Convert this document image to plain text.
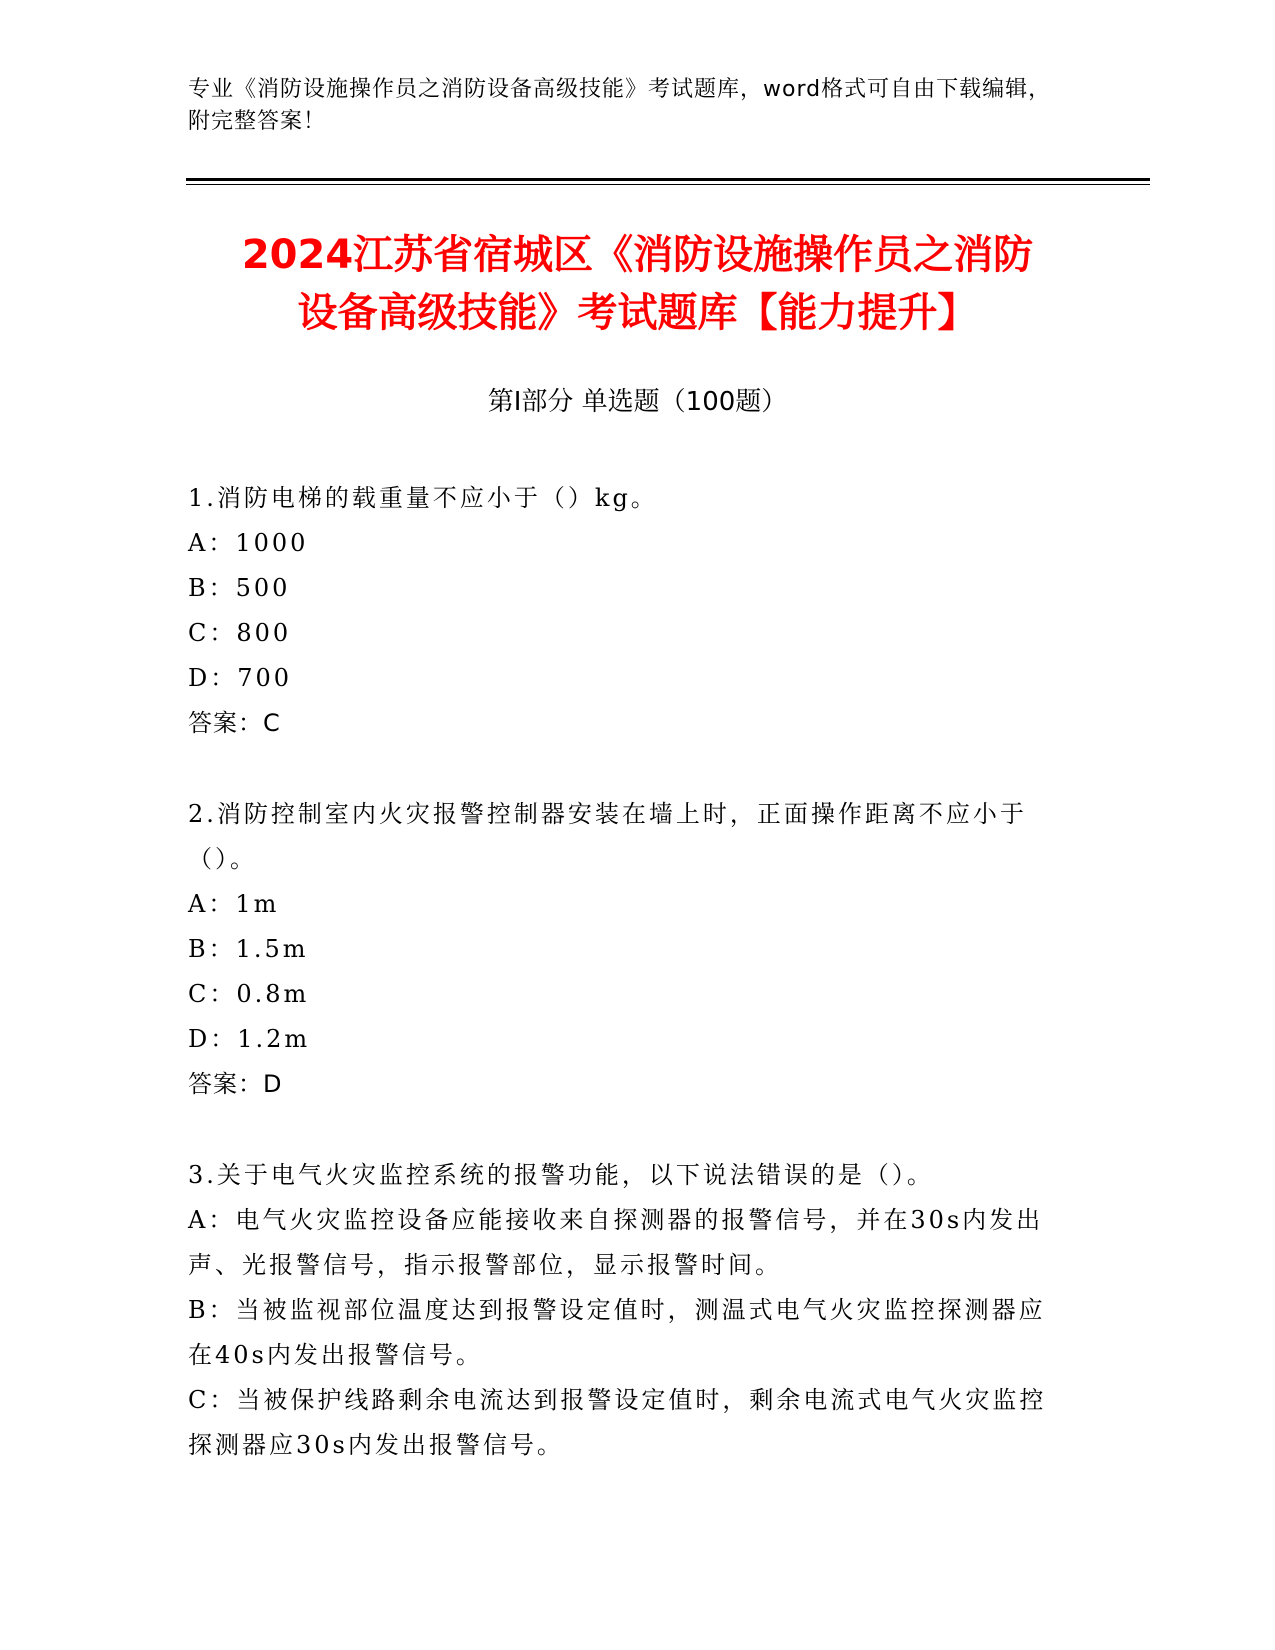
专业《消防设施操作员之消防设备高级技能》考试题库，word格式可自由下载编辑，附完整答案！
2024江苏省宿城区《消防设施操作员之消防
设备高级技能》考试题库【能力提升】
第I部分 单选题（100题）
1.消防电梯的载重量不应小于（）kg。
A：1000
B：500
C：800
D：700
答案：C
2.消防控制室内火灾报警控制器安装在墙上时，正面操作距离不应小于（）。
A：1m
B：1.5m
C：0.8m
D：1.2m
答案：D
3.关于电气火灾监控系统的报警功能，以下说法错误的是（）。
A：电气火灾监控设备应能接收来自探测器的报警信号，并在30s内发出声、光报警信号，指示报警部位，显示报警时间。
B：当被监视部位温度达到报警设定值时，测温式电气火灾监控探测器应在40s内发出报警信号。
C：当被保护线路剩余电流达到报警设定值时，剩余电流式电气火灾监控探测器应30s内发出报警信号。
